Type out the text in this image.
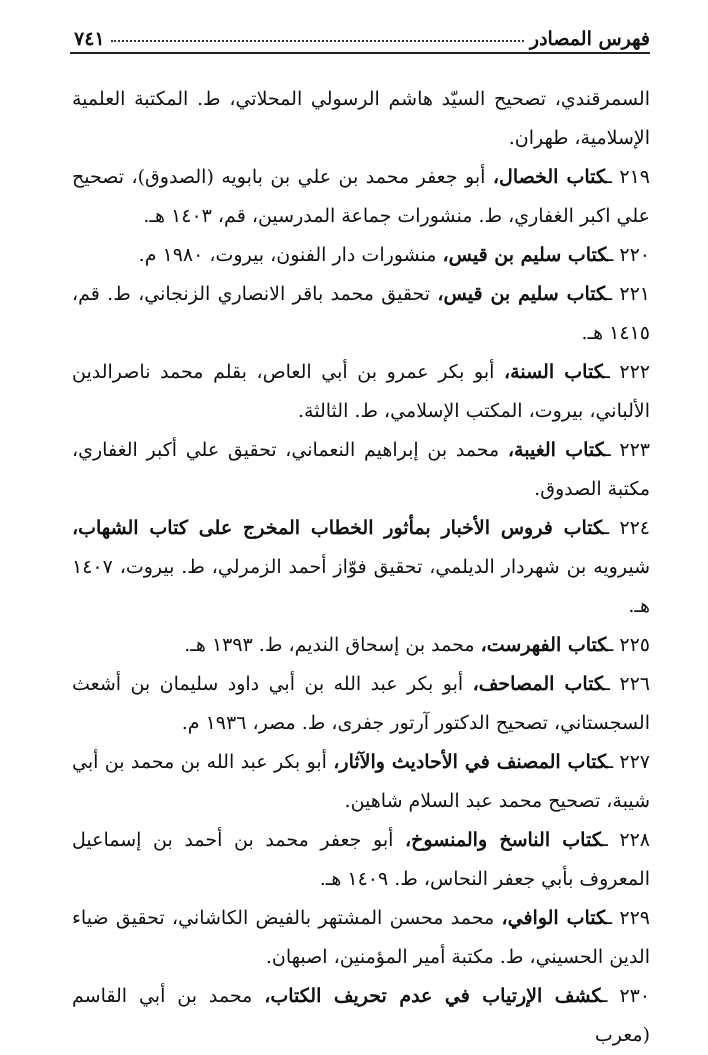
فهرس المصادر
٧٤١

السمرقندي، تصحيح السيّد هاشم الرسولي المحلاتي، ط. المكتبة العلمية الإسلامية، طهران.

٢١٩ ـكتاب الخصال، أبو جعفر محمد بن علي بن بابويه (الصدوق)، تصحيح علي اكبر الغفاري، ط. منشورات جماعة المدرسين، قم، ١٤٠٣ هـ.

٢٢٠ ـكتاب سليم بن قيس، منشورات دار الفنون، بيروت، ١٩٨٠ م.

٢٢١ ـكتاب سليم بن قيس، تحقيق محمد باقر الانصاري الزنجاني، ط. قم، ١٤١٥ هـ.

٢٢٢ ـكتاب السنة، أبو بكر عمرو بن أبي العاص، بقلم محمد ناصرالدين الألباني، بيروت، المكتب الإسلامي، ط. الثالثة.

٢٢٣ ـكتاب الغيبة، محمد بن إبراهيم النعماني، تحقيق علي أكبر الغفاري، مكتبة الصدوق.

٢٢٤ ـكتاب فروس الأخبار بمأثور الخطاب المخرج على كتاب الشهاب، شيرويه بن شهردار الديلمي، تحقيق فوّاز أحمد الزمرلي، ط. بيروت، ١٤٠٧ هـ.

٢٢٥ ـكتاب الفهرست، محمد بن إسحاق النديم، ط. ١٣٩٣ هـ.

٢٢٦ ـكتاب المصاحف، أبو بكر عبد الله بن أبي داود سليمان بن أشعث السجستاني، تصحيح الدكتور آرتور جفرى، ط. مصر، ١٩٣٦ م.

٢٢٧ ـكتاب المصنف في الأحاديث والآثار، أبو بكر عبد الله بن محمد بن أبي شيبة، تصحيح محمد عبد السلام شاهين.

٢٢٨ ـكتاب الناسخ والمنسوخ، أبو جعفر محمد بن أحمد بن إسماعيل المعروف بأبي جعفر النحاس، ط. ١٤٠٩ هـ.

٢٢٩ ـكتاب الوافي، محمد محسن المشتهر بالفيض الكاشاني، تحقيق ضياء الدين الحسيني، ط. مكتبة أمير المؤمنين، اصبهان.

٢٣٠ ـكشف الإرتياب في عدم تحريف الكتاب، محمد بن أبي القاسم (معرب
